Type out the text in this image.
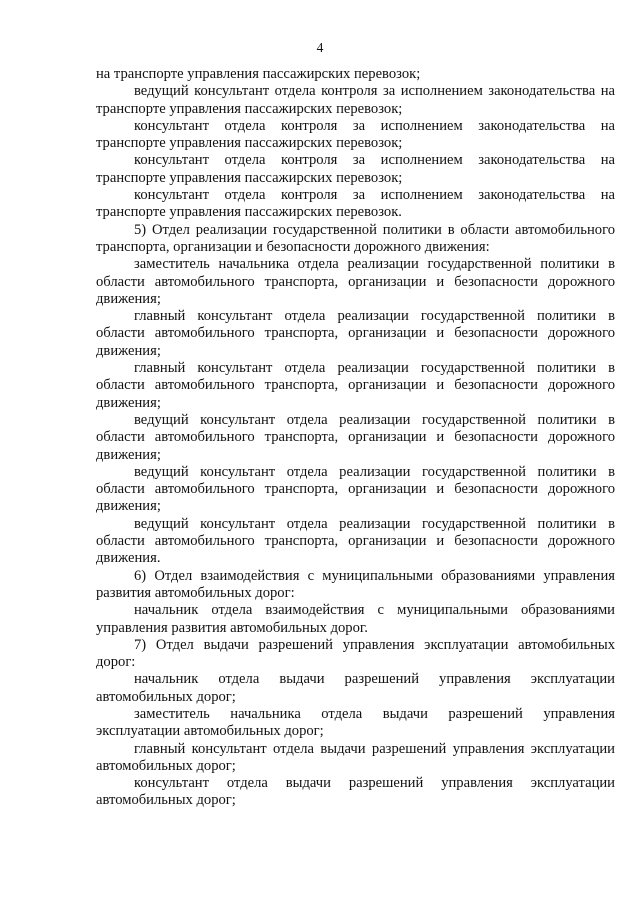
4

на транспорте управления пассажирских перевозок;

ведущий консультант отдела контроля за исполнением законодательства на транспорте управления пассажирских перевозок;

консультант отдела контроля за исполнением законодательства на транспорте управления пассажирских перевозок;

консультант отдела контроля за исполнением законодательства на транспорте управления пассажирских перевозок;

консультант отдела контроля за исполнением законодательства на транспорте управления пассажирских перевозок.

5) Отдел реализации государственной политики в области автомобильного транспорта, организации и безопасности дорожного движения:

заместитель начальника отдела реализации государственной политики в области автомобильного транспорта, организации и безопасности дорожного движения;

главный консультант отдела реализации государственной политики в области автомобильного транспорта, организации и безопасности дорожного движения;

главный консультант отдела реализации государственной политики в области автомобильного транспорта, организации и безопасности дорожного движения;

ведущий консультант отдела реализации государственной политики в области автомобильного транспорта, организации и безопасности дорожного движения;

ведущий консультант отдела реализации государственной политики в области автомобильного транспорта, организации и безопасности дорожного движения;

ведущий консультант отдела реализации государственной политики в области автомобильного транспорта, организации и безопасности дорожного движения.

6) Отдел взаимодействия с муниципальными образованиями управления развития автомобильных дорог:

начальник отдела взаимодействия с муниципальными образованиями управления развития автомобильных дорог.

7) Отдел выдачи разрешений управления эксплуатации автомобильных дорог:

начальник отдела выдачи разрешений управления эксплуатации автомобильных дорог;

заместитель начальника отдела выдачи разрешений управления эксплуатации автомобильных дорог;

главный консультант отдела выдачи разрешений управления эксплуатации автомобильных дорог;

консультант отдела выдачи разрешений управления эксплуатации автомобильных дорог;
